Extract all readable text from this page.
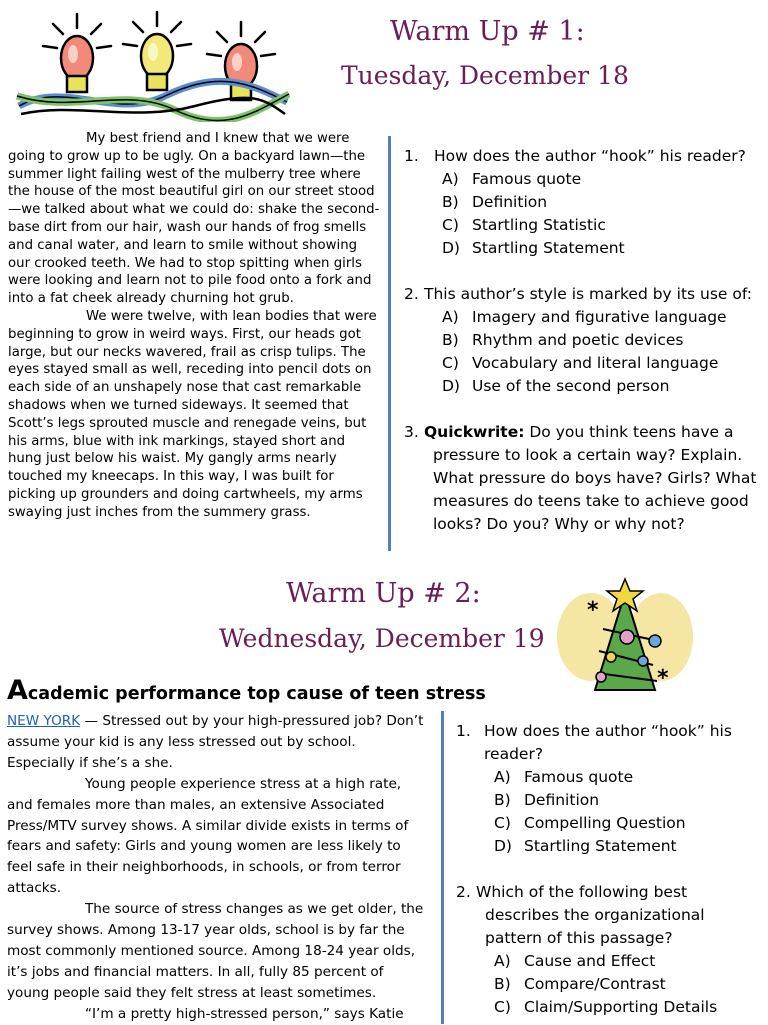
Warm Up # 1:
Tuesday, December 18

My best friend and I knew that we were going to grow up to be ugly. On a backyard lawn—the summer light failing west of the mulberry tree where the house of the most beautiful girl on our street stood—we talked about what we could do: shake the second-base dirt from our hair, wash our hands of frog smells and canal water, and learn to smile without showing our crooked teeth. We had to stop spitting when girls were looking and learn not to pile food onto a fork and into a fat cheek already churning hot grub.

We were twelve, with lean bodies that were beginning to grow in weird ways. First, our heads got large, but our necks wavered, frail as crisp tulips. The eyes stayed small as well, receding into pencil dots on each side of an unshapely nose that cast remarkable shadows when we turned sideways. It seemed that Scott’s legs sprouted muscle and renegade veins, but his arms, blue with ink markings, stayed short and hung just below his waist. My gangly arms nearly touched my kneecaps. In this way, I was built for picking up grounders and doing cartwheels, my arms swaying just inches from the summery grass.

1. How does the author “hook” his reader?
A) Famous quote
B) Definition
C) Startling Statistic
D) Startling Statement
2. This author’s style is marked by its use of:
A) Imagery and figurative language
B) Rhythm and poetic devices
C) Vocabulary and literal language
D) Use of the second person
3. Quickwrite: Do you think teens have a
pressure to look a certain way? Explain.
What pressure do boys have? Girls? What
measures do teens take to achieve good
looks? Do you? Why or why not?
Warm Up # 2:
Wednesday, December 19
*
*
Academic performance top cause of teen stress

NEW YORK — Stressed out by your high-pressured job? Don’t assume your kid is any less stressed out by school. Especially if she’s a she.

Young people experience stress at a high rate, and females more than males, an extensive Associated Press/MTV survey shows. A similar divide exists in terms of fears and safety: Girls and young women are less likely to feel safe in their neighborhoods, in schools, or from terror attacks.

The source of stress changes as we get older, the survey shows. Among 13-17 year olds, school is by far the most commonly mentioned source. Among 18-24 year olds, it’s jobs and financial matters. In all, fully 85 percent of young people said they felt stress at least sometimes.

“I’m a pretty high-stressed person,” says Katie

1. How does the author “hook” his
reader?
A) Famous quote
B) Definition
C) Compelling Question
D) Startling Statement
2. Which of the following best
describes the organizational
pattern of this passage?
A) Cause and Effect
B) Compare/Contrast
C) Claim/Supporting Details
